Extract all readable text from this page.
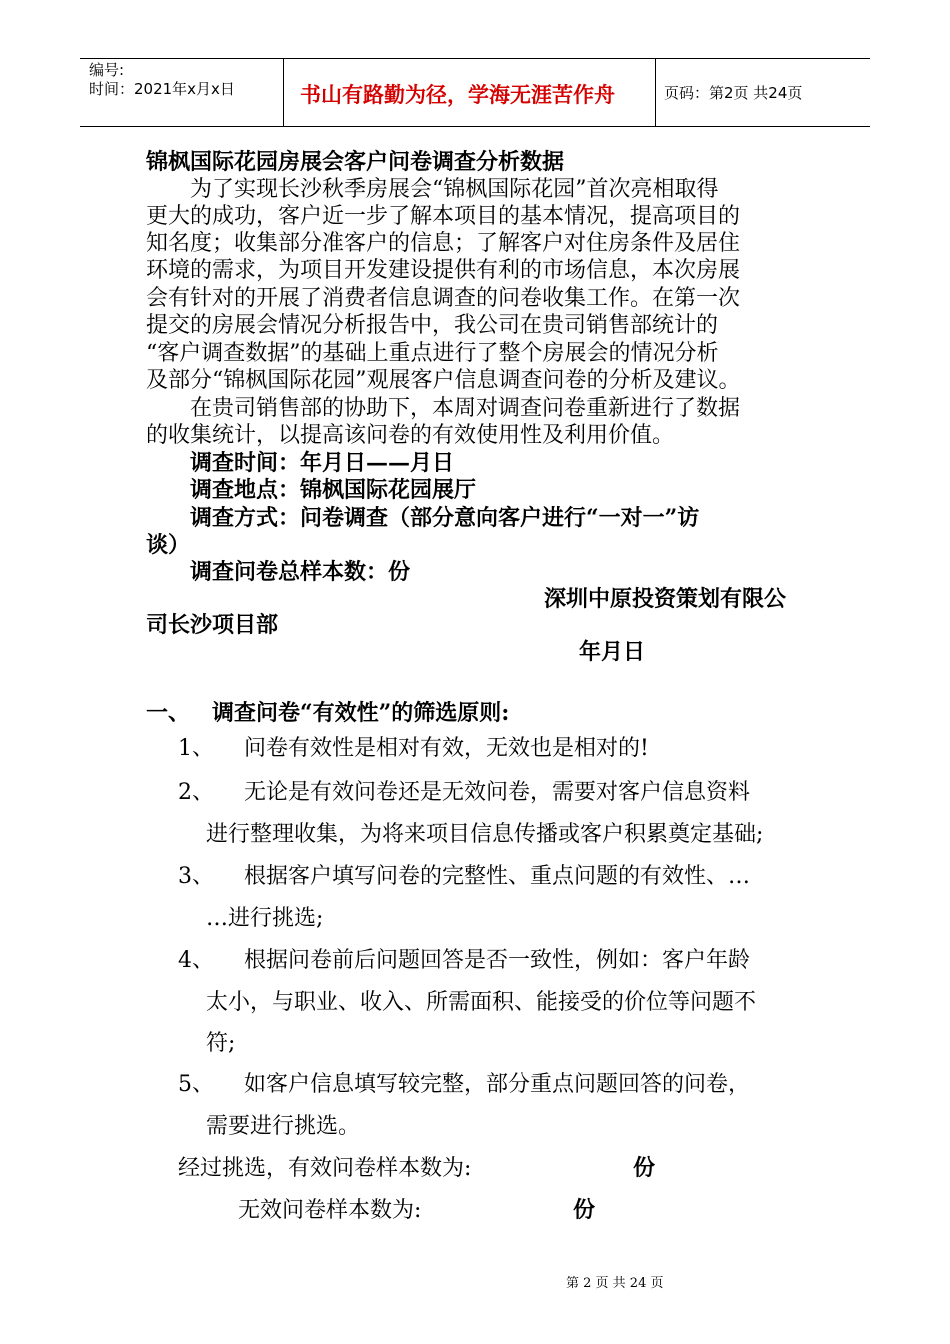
编号:
时间：2021年x月x日	书山有路勤为径，学海无涯苦作舟	页码：第2页 共24页
锦枫国际花园房展会客户问卷调查分析数据
为了实现长沙秋季房展会“锦枫国际花园”首次亮相取得
更大的成功，客户近一步了解本项目的基本情况，提高项目的
知名度；收集部分准客户的信息；了解客户对住房条件及居住
环境的需求，为项目开发建设提供有利的市场信息，本次房展
会有针对的开展了消费者信息调查的问卷收集工作。在第一次
提交的房展会情况分析报告中，我公司在贵司销售部统计的
“客户调查数据”的基础上重点进行了整个房展会的情况分析
及部分“锦枫国际花园”观展客户信息调查问卷的分析及建议。
在贵司销售部的协助下，本周对调查问卷重新进行了数据
的收集统计，以提高该问卷的有效使用性及利用价值。
调查时间：年月日——月日
调查地点：锦枫国际花园展厅
调查方式：问卷调查（部分意向客户进行“一对一”访
谈）
调查问卷总样本数：份
深圳中原投资策划有限公
司长沙项目部
年月日
一、 调查问卷“有效性”的筛选原则:
1、 问卷有效性是相对有效，无效也是相对的!
2、 无论是有效问卷还是无效问卷，需要对客户信息资料
进行整理收集，为将来项目信息传播或客户积累奠定基础;
3、 根据客户填写问卷的完整性、重点问题的有效性、…
…进行挑选;
4、 根据问卷前后问题回答是否一致性，例如：客户年龄
太小，与职业、收入、所需面积、能接受的价位等问题不
符;
5、 如客户信息填写较完整，部分重点问题回答的问卷，
需要进行挑选。
经过挑选，有效问卷样本数为:	份
无效问卷样本数为:	份
第 2 页 共 24 页
